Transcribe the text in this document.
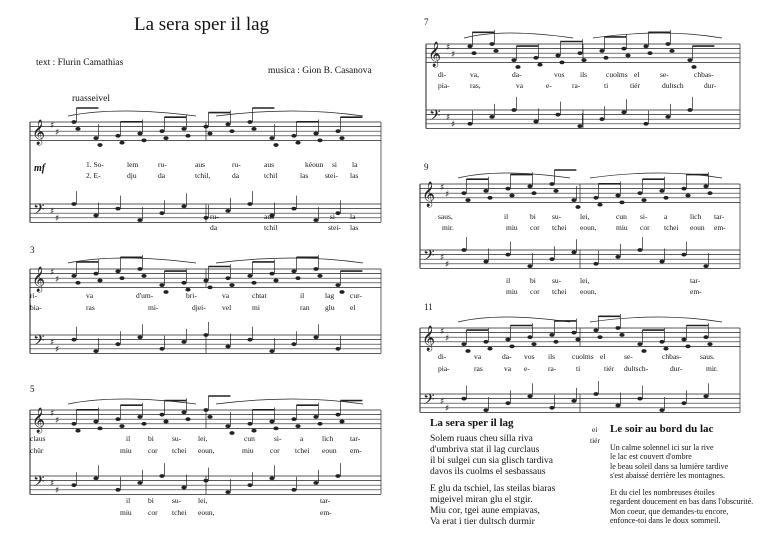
La sera sper il lag
text : Flurin Camathias
musica : Gion B. Casanova
ruasseivel
𝄞
𝄢
♯
♯
♯
♯
mf
3
𝄞
𝄢
♯
♯
♯
♯
5
𝄞
𝄢
♯
♯
♯
♯
7
𝄞
𝄢
♯
♯
♯
♯
9
𝄞
𝄢
♯
♯
♯
♯
11
𝄞
𝄢
♯
♯
♯
♯
La sera sper il lag
Solem ruaus cheu silla riva
d'umbriva stat il lag curclaus
il bi sulgei cun sia glisch tardiva
davos ils cuolms el sesbassaus
E glu da tschiel, las steilas biaras
migeivel miran glu el stgir.
Miu cor, tgei aune empiavas,
Va erat i tier dultsch durmir
Le soir au bord du lac
Un calme solennel ici sur la rive
le lac est couvert d'ombre
le beau soleil dans sa lumière tardive
s'est abaissé derrière les montagnes.
Et du ciel les nombreuses étoiles
regardent doucement en bas dans l'obscurité.
Mon coeur, que demandes-tu encore,
enfonce-toi dans le doux sommeil.
1. So-	lem	ru-	aus	ru-	aus	kéoun si la
2. E-	dju	da	tchil,	da	tchil	las stei- las
ru-	aus	si la
da	tchil	stei- las
ri-	va	d'um-	bri-	va	chtat	il	lag cur-
bia-	ras	mi-	djei- vel	mi	ran glu el
claus	il bi su- lei,	cun	si- a lich tar-
chür	miu cor tchei eoun,	miu cor tchei eoun em-
il bi su- lei,	tar-
miu cor tchei eoun,	em-
di-	va,	da-	vos ils	cuolms el	se-	chbas-
pia-	ras,	va	e-	ra-	ti	tiér	dultsch	dur-
saus,	il	bi su-	lei,	cun si- a	lich tar-
mir.	miu cor tchei eoun,	miu cor tchei eoun em-
il	bi su-	lei,	tar-
miu cor tchei eoun,	em-
di-	va	da- vos ils cuolms el se-	chbas- saus.
pia-	ras	va e- ra-	ti	tiér dultsch-	dur-	mir.
ei
tiér
